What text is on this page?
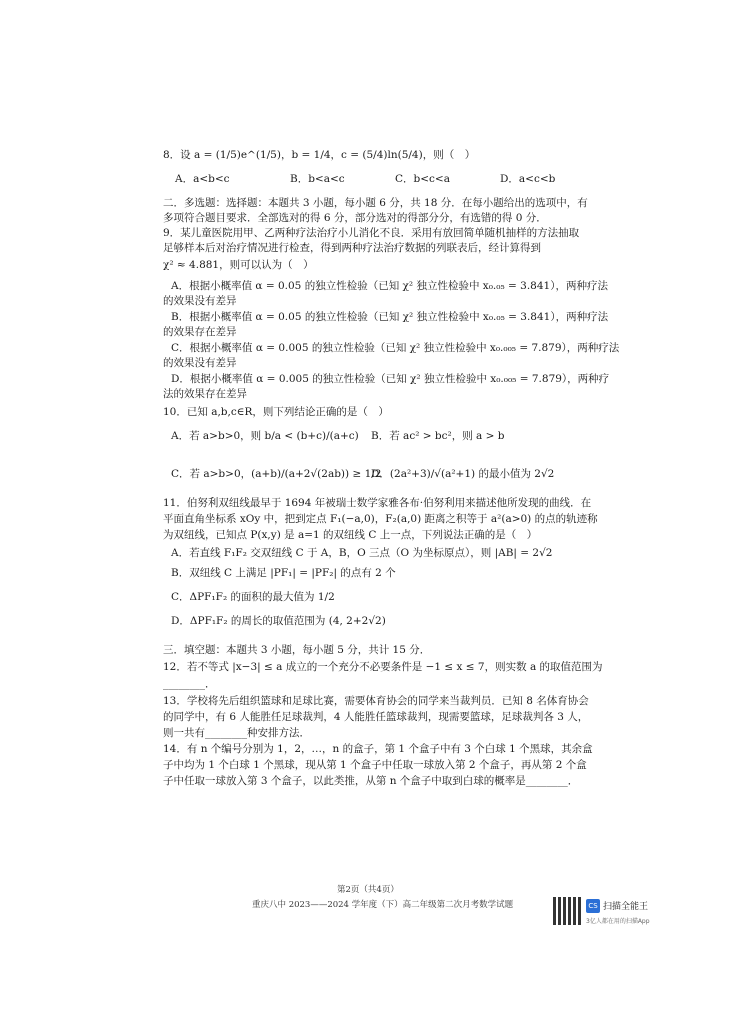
8．设 a = (1/5)e^(1/5)，b = 1/4，c = (5/4)ln(5/4)，则（　）
A．a<b<c	B．b<a<c	C．b<c<a	D．a<c<b
二．多选题：选择题：本题共 3 小题，每小题 6 分，共 18 分．在每小题给出的选项中，有
多项符合题目要求．全部选对的得 6 分，部分选对的得部分分，有选错的得 0 分．
9．某儿童医院用甲、乙两种疗法治疗小儿消化不良．采用有放回简单随机抽样的方法抽取
足够样本后对治疗情况进行检查，得到两种疗法治疗数据的列联表后，经计算得到
χ² ≈ 4.881，则可以认为（　）
A．根据小概率值 α = 0.05 的独立性检验（已知 χ² 独立性检验中 x₀.₀₅ = 3.841），两种疗法
的效果没有差异
B．根据小概率值 α = 0.05 的独立性检验（已知 χ² 独立性检验中 x₀.₀₅ = 3.841），两种疗法
的效果存在差异
C．根据小概率值 α = 0.005 的独立性检验（已知 χ² 独立性检验中 x₀.₀₀₅ = 7.879），两种疗法
的效果没有差异
D．根据小概率值 α = 0.005 的独立性检验（已知 χ² 独立性检验中 x₀.₀₀₅ = 7.879），两种疗
法的效果存在差异
10．已知 a,b,c∈R，则下列结论正确的是（　）
A．若 a>b>0，则 b/a < (b+c)/(a+c) B．若 ac² > bc²，则 a > b
C．若 a>b>0，(a+b)/(a+2√(2ab)) ≥ 1/2
D．(2a²+3)/√(a²+1) 的最小值为 2√2
11．伯努利双纽线最早于 1694 年被瑞士数学家雅各布·伯努利用来描述他所发现的曲线．在
平面直角坐标系 xOy 中，把到定点 F₁(−a,0)，F₂(a,0) 距离之积等于 a²(a>0) 的点的轨迹称
为双纽线，已知点 P(x,y) 是 a=1 的双纽线 C 上一点，下列说法正确的是（　）
A．若直线 F₁F₂ 交双纽线 C 于 A，B，O 三点（O 为坐标原点），则 |AB| = 2√2
B．双纽线 C 上满足 |PF₁| = |PF₂| 的点有 2 个
C．ΔPF₁F₂ 的面积的最大值为 1/2
D．ΔPF₁F₂ 的周长的取值范围为 (4, 2+2√2)
三．填空题：本题共 3 小题，每小题 5 分，共计 15 分．
12．若不等式 |x−3| ≤ a 成立的一个充分不必要条件是 −1 ≤ x ≤ 7，则实数 a 的取值范围为
________．
13．学校将先后组织篮球和足球比赛，需要体育协会的同学来当裁判员．已知 8 名体育协会
的同学中，有 6 人能胜任足球裁判，4 人能胜任篮球裁判，现需要篮球，足球裁判各 3 人，
则一共有________种安排方法．
14．有 n 个编号分别为 1，2，…，n 的盒子，第 1 个盒子中有 3 个白球 1 个黑球，其余盒
子中均为 1 个白球 1 个黑球，现从第 1 个盒子中任取一球放入第 2 个盒子，再从第 2 个盒
子中任取一球放入第 3 个盒子，以此类推，从第 n 个盒子中取到白球的概率是________．
第2页（共4页）
重庆八中 2023——2024 学年度（下）高二年级第二次月考数学试题	CS 扫描全能王
3亿人都在用的扫描App
